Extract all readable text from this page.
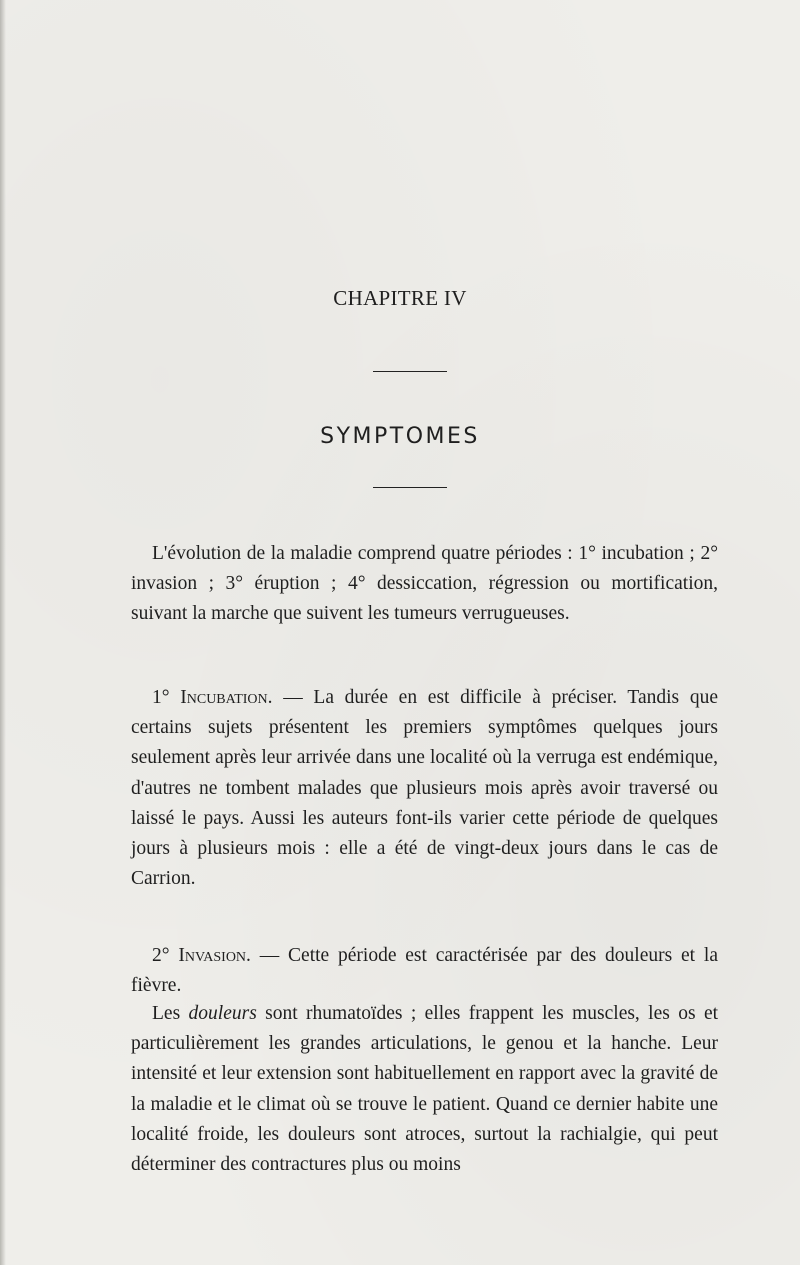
CHAPITRE IV
SYMPTOMES

L'évolution de la maladie comprend quatre périodes : 1° incubation ; 2° invasion ; 3° éruption ; 4° dessiccation, régression ou mortification, suivant la marche que suivent les tumeurs verrugueuses.

1° Incubation. — La durée en est difficile à préciser. Tandis que certains sujets présentent les premiers symptômes quelques jours seulement après leur arrivée dans une localité où la verruga est endémique, d'autres ne tombent malades que plusieurs mois après avoir traversé ou laissé le pays. Aussi les auteurs font-ils varier cette période de quelques jours à plusieurs mois : elle a été de vingt-deux jours dans le cas de Carrion.

2° Invasion. — Cette période est caractérisée par des douleurs et la fièvre.

Les douleurs sont rhumatoïdes ; elles frappent les muscles, les os et particulièrement les grandes articulations, le genou et la hanche. Leur intensité et leur extension sont habituellement en rapport avec la gravité de la maladie et le climat où se trouve le patient. Quand ce dernier habite une localité froide, les douleurs sont atroces, surtout la rachialgie, qui peut déterminer des contractures plus ou moins
